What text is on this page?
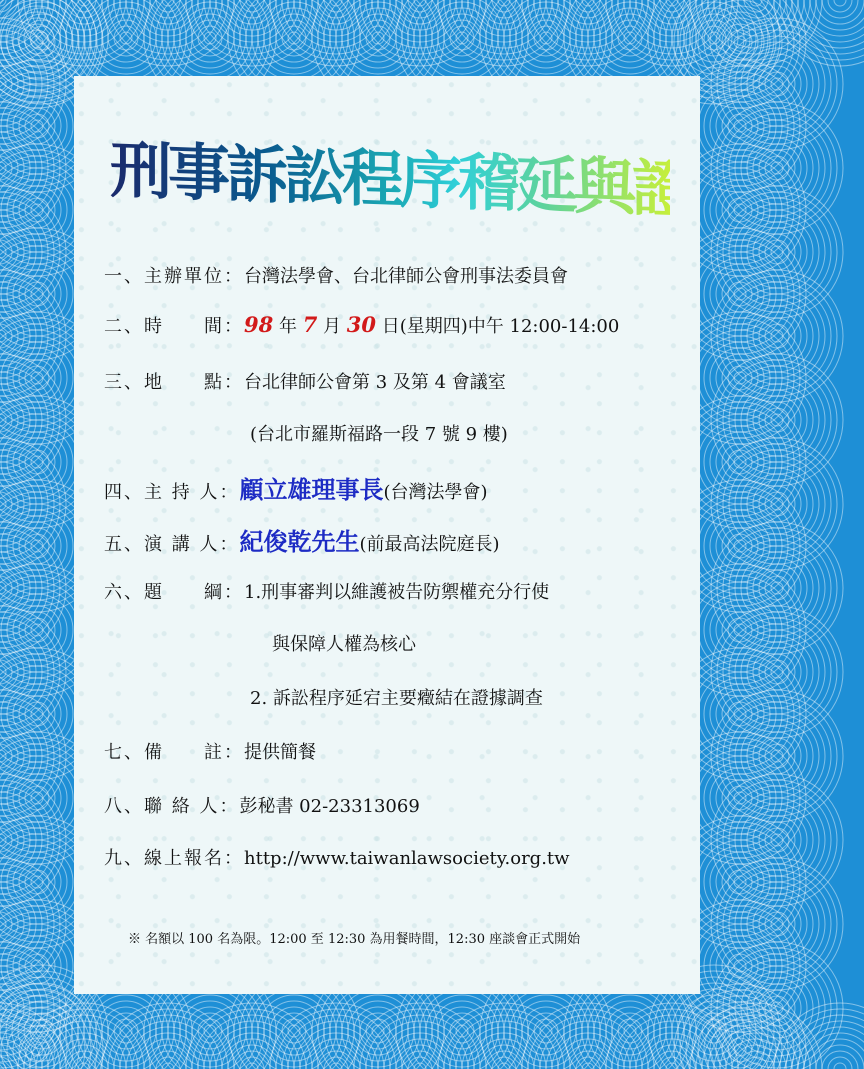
刑事訴訟程序稽延與證據調查
一、主辦單位：台灣法學會、台北律師公會刑事法委員會
二、時　　間：98 年 7 月 30 日(星期四)中午 12:00-14:00
三、地　　點：台北律師公會第 3 及第 4 會議室
(台北市羅斯福路一段 7 號 9 樓)
四、主 持 人：顧立雄理事長(台灣法學會)
五、演 講 人：紀俊乾先生(前最高法院庭長)
六、題　　綱：1.刑事審判以維護被告防禦權充分行使
與保障人權為核心
2. 訴訟程序延宕主要癥結在證據調查
七、備　　註：提供簡餐
八、聯 絡 人：彭秘書 02-23313069
九、線上報名：http://www.taiwanlawsociety.org.tw
※ 名額以 100 名為限。12:00 至 12:30 為用餐時間，12:30 座談會正式開始
